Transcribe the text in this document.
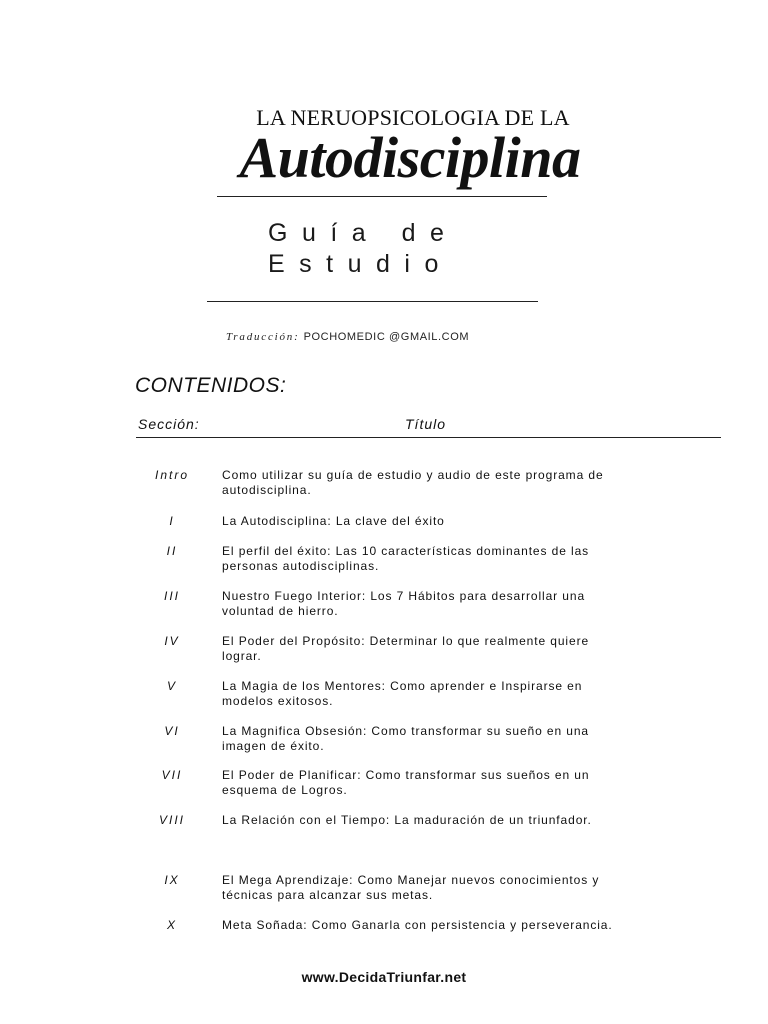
LA NERUOPSICOLOGIA DE LA
Autodisciplina
Guía de
Estudio
Traducción: POCHOMEDIC @GMAIL.COM
CONTENIDOS:
Sección:	Título
Intro	Como utilizar su guía de estudio y audio de este programa de
autodisciplina.
I	La Autodisciplina: La clave del éxito
II	El perfil del éxito: Las 10 características dominantes de las
personas autodisciplinas.
III	Nuestro Fuego Interior: Los 7 Hábitos para desarrollar una
voluntad de hierro.
IV	El Poder del Propósito: Determinar lo que realmente quiere
lograr.
V	La Magia de los Mentores: Como aprender e Inspirarse en
modelos exitosos.
VI	La Magnifica Obsesión: Como transformar su sueño en una
imagen de éxito.
VII	El Poder de Planificar: Como transformar sus sueños en un
esquema de Logros.
VIII	La Relación con el Tiempo: La maduración de un triunfador.
IX	El Mega Aprendizaje: Como Manejar nuevos conocimientos y
técnicas para alcanzar sus metas.
X	Meta Soñada: Como Ganarla con persistencia y perseverancia.
www.DecidaTriunfar.net
